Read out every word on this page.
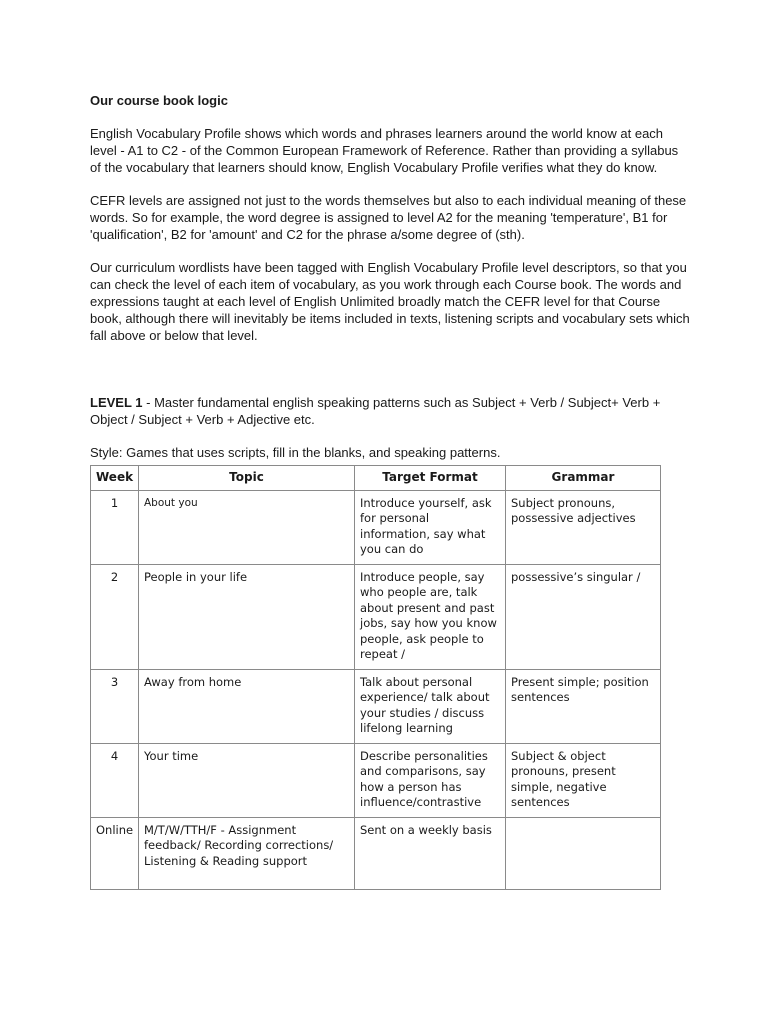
Our course book logic

English Vocabulary Profile shows which words and phrases learners around the world know at each level - A1 to C2 - of the Common European Framework of Reference. Rather than providing a syllabus of the vocabulary that learners should know, English Vocabulary Profile verifies what they do know.

CEFR levels are assigned not just to the words themselves but also to each individual meaning of these words. So for example, the word degree is assigned to level A2 for the meaning 'temperature', B1 for 'qualification', B2 for 'amount' and C2 for the phrase a/some degree of (sth).

Our curriculum wordlists have been tagged with English Vocabulary Profile level descriptors, so that you can check the level of each item of vocabulary, as you work through each Course book. The words and expressions taught at each level of English Unlimited broadly match the CEFR level for that Course book, although there will inevitably be items included in texts, listening scripts and vocabulary sets which fall above or below that level.

LEVEL 1 - Master fundamental english speaking patterns such as Subject + Verb / Subject+ Verb + Object / Subject + Verb + Adjective etc.

Style: Games that uses scripts, fill in the blanks, and speaking patterns.

Week	Topic	Target Format	Grammar
1	About you	Introduce yourself, ask for personal information, say what you can do	Subject pronouns, possessive adjectives
2	People in your life	Introduce people, say who people are, talk about present and past jobs, say how you know people, ask people to repeat /	possessive’s singular /
3	Away from home	Talk about personal experience/ talk about your studies / discuss lifelong learning	Present simple; position sentences
4	Your time	Describe personalities and comparisons, say how a person has influence/contrastive	Subject & object pronouns, present simple, negative sentences
Online	M/T/W/TTH/F - Assignment feedback/ Recording corrections/ Listening & Reading support	Sent on a weekly basis	
